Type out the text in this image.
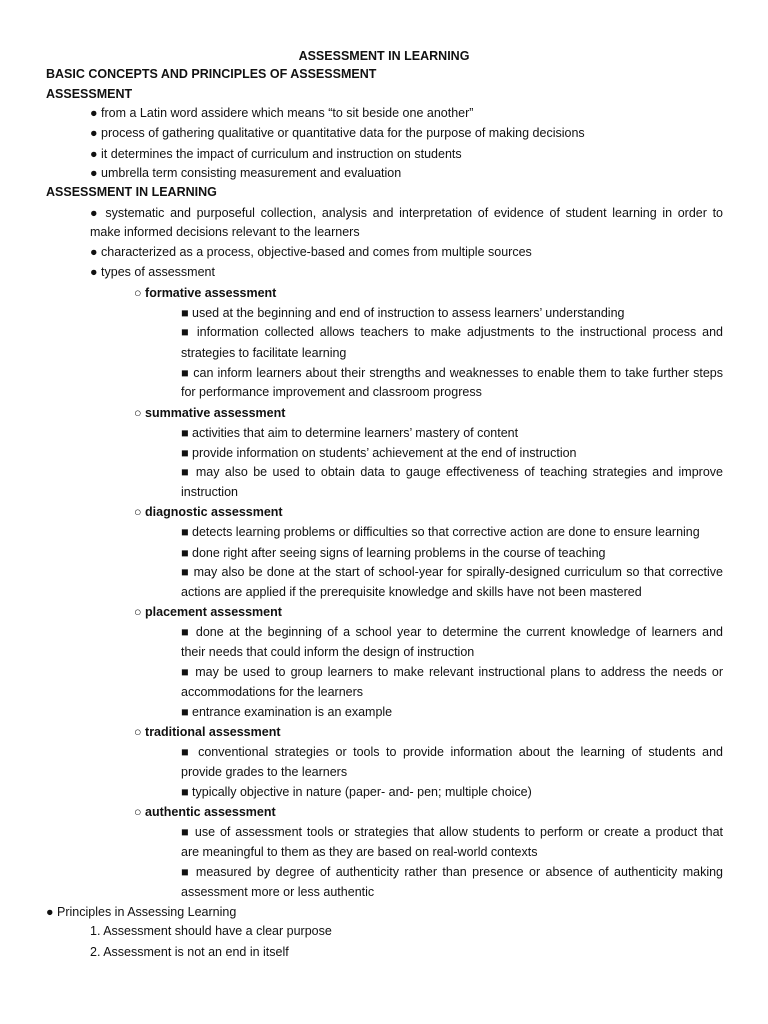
ASSESSMENT IN LEARNING
BASIC CONCEPTS AND PRINCIPLES OF ASSESSMENT
ASSESSMENT
● from a Latin word assidere which means “to sit beside one another”
● process of gathering qualitative or quantitative data for the purpose of making decisions
● it determines the impact of curriculum and instruction on students
● umbrella term consisting measurement and evaluation
ASSESSMENT IN LEARNING
● systematic and purposeful collection, analysis and interpretation of evidence of student learning in order to
make informed decisions relevant to the learners
● characterized as a process, objective-based and comes from multiple sources
● types of assessment
○ formative assessment
■ used at the beginning and end of instruction to assess learners’ understanding
■ information collected allows teachers to make adjustments to the instructional process and
strategies to facilitate learning
■ can inform learners about their strengths and weaknesses to enable them to take further steps
for performance improvement and classroom progress
○ summative assessment
■ activities that aim to determine learners’ mastery of content
■ provide information on students’ achievement at the end of instruction
■ may also be used to obtain data to gauge effectiveness of teaching strategies and improve
instruction
○ diagnostic assessment
■ detects learning problems or difficulties so that corrective action are done to ensure learning
■ done right after seeing signs of learning problems in the course of teaching
■ may also be done at the start of school-year for spirally-designed curriculum so that corrective
actions are applied if the prerequisite knowledge and skills have not been mastered
○ placement assessment
■ done at the beginning of a school year to determine the current knowledge of learners and
their needs that could inform the design of instruction
■ may be used to group learners to make relevant instructional plans to address the needs or
accommodations for the learners
■ entrance examination is an example
○ traditional assessment
■ conventional strategies or tools to provide information about the learning of students and
provide grades to the learners
■ typically objective in nature (paper- and- pen; multiple choice)
○ authentic assessment
■ use of assessment tools or strategies that allow students to perform or create a product that
are meaningful to them as they are based on real-world contexts
■ measured by degree of authenticity rather than presence or absence of authenticity making
assessment more or less authentic
● Principles in Assessing Learning
1. Assessment should have a clear purpose
2. Assessment is not an end in itself
